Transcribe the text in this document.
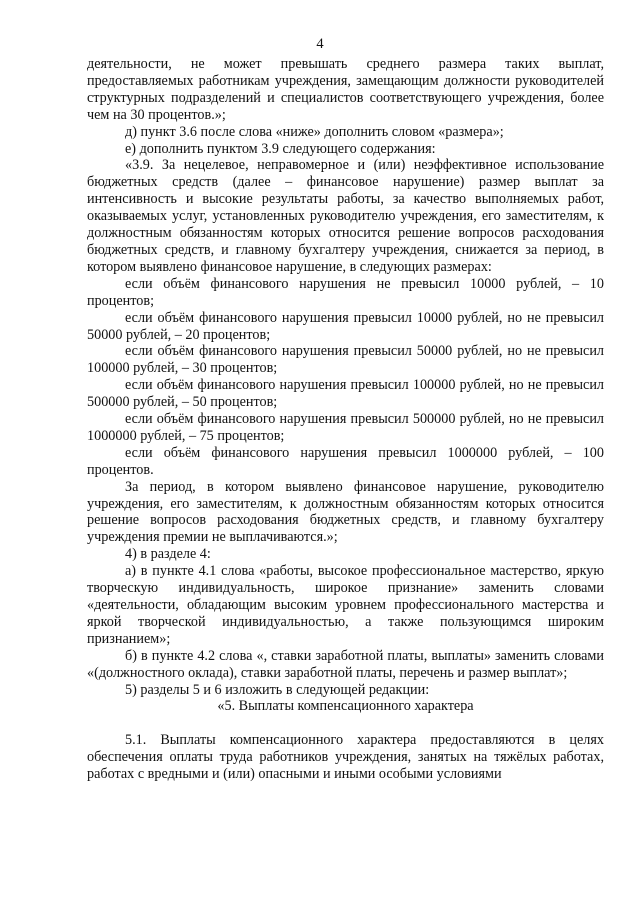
4

деятельности, не может превышать среднего размера таких выплат, предоставляемых работникам учреждения, замещающим должности руководителей структурных подразделений и специалистов соответствующего учреждения, более чем на 30 процентов.»;

д) пункт 3.6 после слова «ниже» дополнить словом «размера»;

е) дополнить пунктом 3.9 следующего содержания:

«3.9. За нецелевое, неправомерное и (или) неэффективное использование бюджетных средств (далее – финансовое нарушение) размер выплат за интенсивность и высокие результаты работы, за качество выполняемых работ, оказываемых услуг, установленных руководителю учреждения, его заместителям, к должностным обязанностям которых относится решение вопросов расходования бюджетных средств, и главному бухгалтеру учреждения, снижается за период, в котором выявлено финансовое нарушение, в следующих размерах:

если объём финансового нарушения не превысил 10000 рублей, – 10 процентов;

если объём финансового нарушения превысил 10000 рублей, но не превысил 50000 рублей, – 20 процентов;

если объём финансового нарушения превысил 50000 рублей, но не превысил 100000 рублей, – 30 процентов;

если объём финансового нарушения превысил 100000 рублей, но не превысил 500000 рублей, – 50 процентов;

если объём финансового нарушения превысил 500000 рублей, но не превысил 1000000 рублей, – 75 процентов;

если объём финансового нарушения превысил 1000000 рублей, – 100 процентов.

За период, в котором выявлено финансовое нарушение, руководителю учреждения, его заместителям, к должностным обязанностям которых относится решение вопросов расходования бюджетных средств, и главному бухгалтеру учреждения премии не выплачиваются.»;

4) в разделе 4:

а) в пункте 4.1 слова «работы, высокое профессиональное мастерство, яркую творческую индивидуальность, широкое признание» заменить словами «деятельности, обладающим высоким уровнем профессионального мастерства и яркой творческой индивидуальностью, а также пользующимся широким признанием»;

б) в пункте 4.2 слова «, ставки заработной платы, выплаты» заменить словами «(должностного оклада), ставки заработной платы, перечень и размер выплат»;

5) разделы 5 и 6 изложить в следующей редакции:

«5. Выплаты компенсационного характера

5.1. Выплаты компенсационного характера предоставляются в целях обеспечения оплаты труда работников учреждения, занятых на тяжёлых работах, работах с вредными и (или) опасными и иными особыми условиями
